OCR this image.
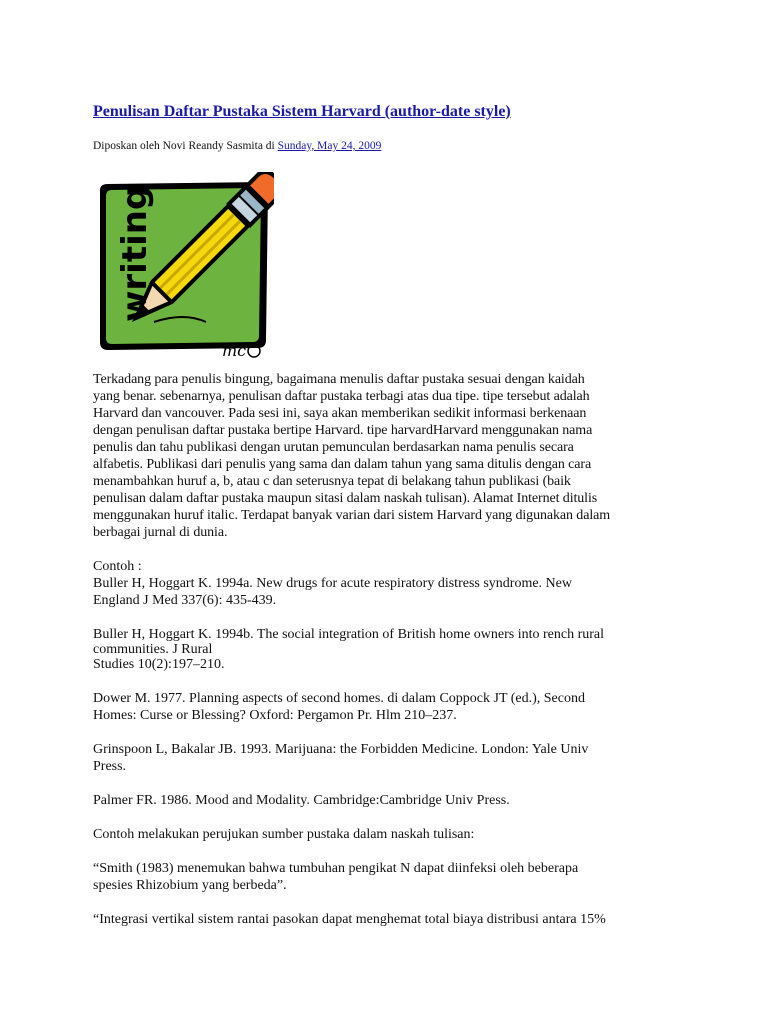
Penulisan Daftar Pustaka Sistem Harvard (author-date style)
Diposkan oleh Novi Reandy Sasmita di Sunday, May 24, 2009
writing
mc

Terkadang para penulis bingung, bagaimana menulis daftar pustaka sesuai dengan kaidah

yang benar. sebenarnya, penulisan daftar pustaka terbagi atas dua tipe. tipe tersebut adalah

Harvard dan vancouver. Pada sesi ini, saya akan memberikan sedikit informasi berkenaan

dengan penulisan daftar pustaka bertipe Harvard. tipe harvardHarvard menggunakan nama

penulis dan tahu publikasi dengan urutan pemunculan berdasarkan nama penulis secara

alfabetis. Publikasi dari penulis yang sama dan dalam tahun yang sama ditulis dengan cara

menambahkan huruf a, b, atau c dan seterusnya tepat di belakang tahun publikasi (baik

penulisan dalam daftar pustaka maupun sitasi dalam naskah tulisan). Alamat Internet ditulis

menggunakan huruf italic. Terdapat banyak varian dari sistem Harvard yang digunakan dalam

berbagai jurnal di dunia.

Contoh :

Buller H, Hoggart K. 1994a. New drugs for acute respiratory distress syndrome. New

England J Med 337(6): 435-439.

Buller H, Hoggart K. 1994b. The social integration of British home owners into rench rural

communities. J Rural

Studies 10(2):197–210.

Dower M. 1977. Planning aspects of second homes. di dalam Coppock JT (ed.), Second

Homes: Curse or Blessing? Oxford: Pergamon Pr. Hlm 210–237.

Grinspoon L, Bakalar JB. 1993. Marijuana: the Forbidden Medicine. London: Yale Univ

Press.

Palmer FR. 1986. Mood and Modality. Cambridge:Cambridge Univ Press.

Contoh melakukan perujukan sumber pustaka dalam naskah tulisan:

“Smith (1983) menemukan bahwa tumbuhan pengikat N dapat diinfeksi oleh beberapa

spesies Rhizobium yang berbeda”.

“Integrasi vertikal sistem rantai pasokan dapat menghemat total biaya distribusi antara 15%
